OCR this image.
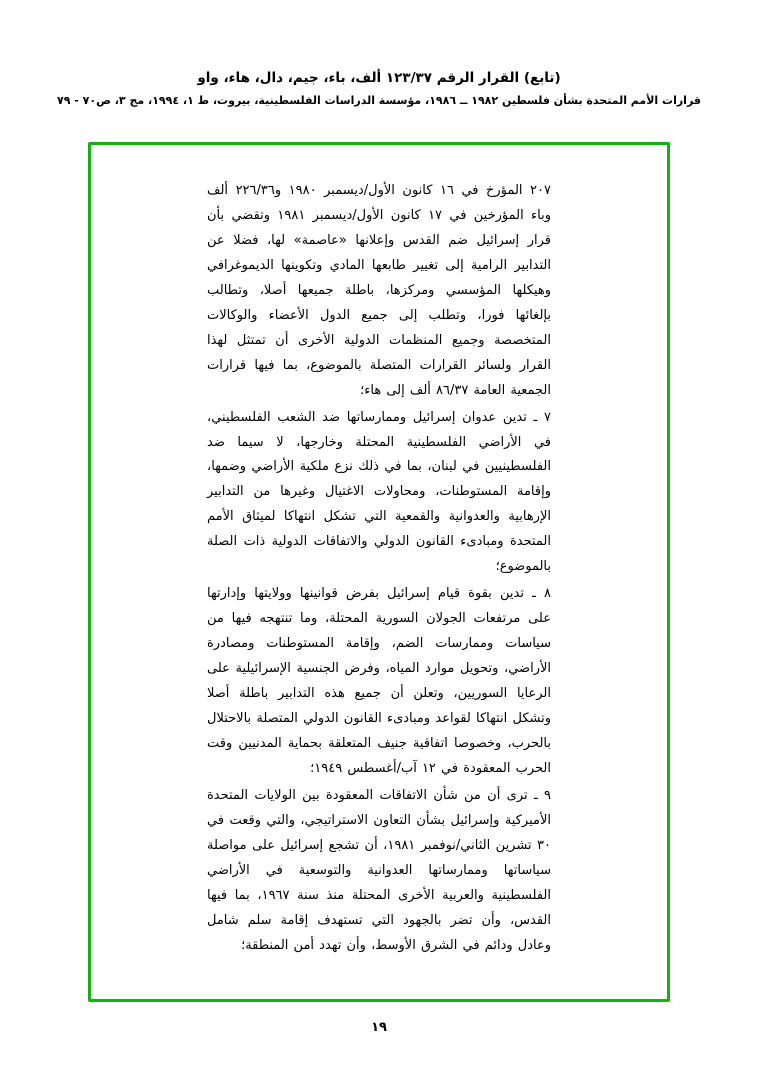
(تابع) القرار الرقم ١٢٣/٣٧ ألف، باء، جيم، دال، هاء، واو
قرارات الأمم المتحدة بشأن فلسطين ١٩٨٢ ــ ١٩٨٦، مؤسسة الدراسات الفلسطينية، بيروت، ط ١، ١٩٩٤، مج ٣، ص٧٠ - ٧٩

٢٠٧ المؤرخ في ١٦ كانون الأول/ديسمبر ١٩٨٠ و٢٢٦/٣٦ ألف وباء المؤرخين في ١٧ كانون الأول/ديسمبر ١٩٨١ وتقضي بأن قرار إسرائيل ضم القدس وإعلانها «عاصمة» لها، فضلا عن التدابير الرامية إلى تغيير طابعها المادي وتكوينها الديموغرافي وهيكلها المؤسسي ومركزها، باطلة جميعها أصلا، وتطالب بإلغائها فورا، وتطلب إلى جميع الدول الأعضاء والوكالات المتخصصة وجميع المنظمات الدولية الأخرى أن تمتثل لهذا القرار ولسائر القرارات المتصلة بالموضوع، بما فيها قرارات الجمعية العامة ٨٦/٣٧ ألف إلى هاء؛

٧ ـ تدين عدوان إسرائيل وممارساتها ضد الشعب الفلسطيني، في الأراضي الفلسطينية المحتلة وخارجها، لا سيما ضد الفلسطينيين في لبنان، بما في ذلك نزع ملكية الأراضي وضمها، وإقامة المستوطنات، ومحاولات الاغتيال وغيرها من التدابير الإرهابية والعدوانية والقمعية التي تشكل انتهاكا لميثاق الأمم المتحدة ومبادىء القانون الدولي والاتفاقات الدولية ذات الصلة بالموضوع؛

٨ ـ تدين بقوة قيام إسرائيل بفرض قوانينها وولايتها وإدارتها على مرتفعات الجولان السورية المحتلة، وما تنتهجه فيها من سياسات وممارسات الضم، وإقامة المستوطنات ومصادرة الأراضي، وتحويل موارد المياه، وفرض الجنسية الإسرائيلية على الرعايا السوريين، وتعلن أن جميع هذه التدابير باطلة أصلا وتشكل انتهاكا لقواعد ومبادىء القانون الدولي المتصلة بالاحتلال بالحرب، وخصوصا اتفاقية جنيف المتعلقة بحماية المدنيين وقت الحرب المعقودة في ١٢ آب/أغسطس ١٩٤٩؛

٩ ـ ترى أن من شأن الاتفاقات المعقودة بين الولايات المتحدة الأميركية وإسرائيل بشأن التعاون الاستراتيجي، والتي وقعت في ٣٠ تشرين الثاني/نوفمبر ١٩٨١، أن تشجع إسرائيل على مواصلة سياساتها وممارساتها العدوانية والتوسعية في الأراضي الفلسطينية والعربية الأخرى المحتلة منذ سنة ١٩٦٧، بما فيها القدس، وأن تضر بالجهود التي تستهدف إقامة سلم شامل وعادل ودائم في الشرق الأوسط، وأن تهدد أمن المنطقة؛

١٩
